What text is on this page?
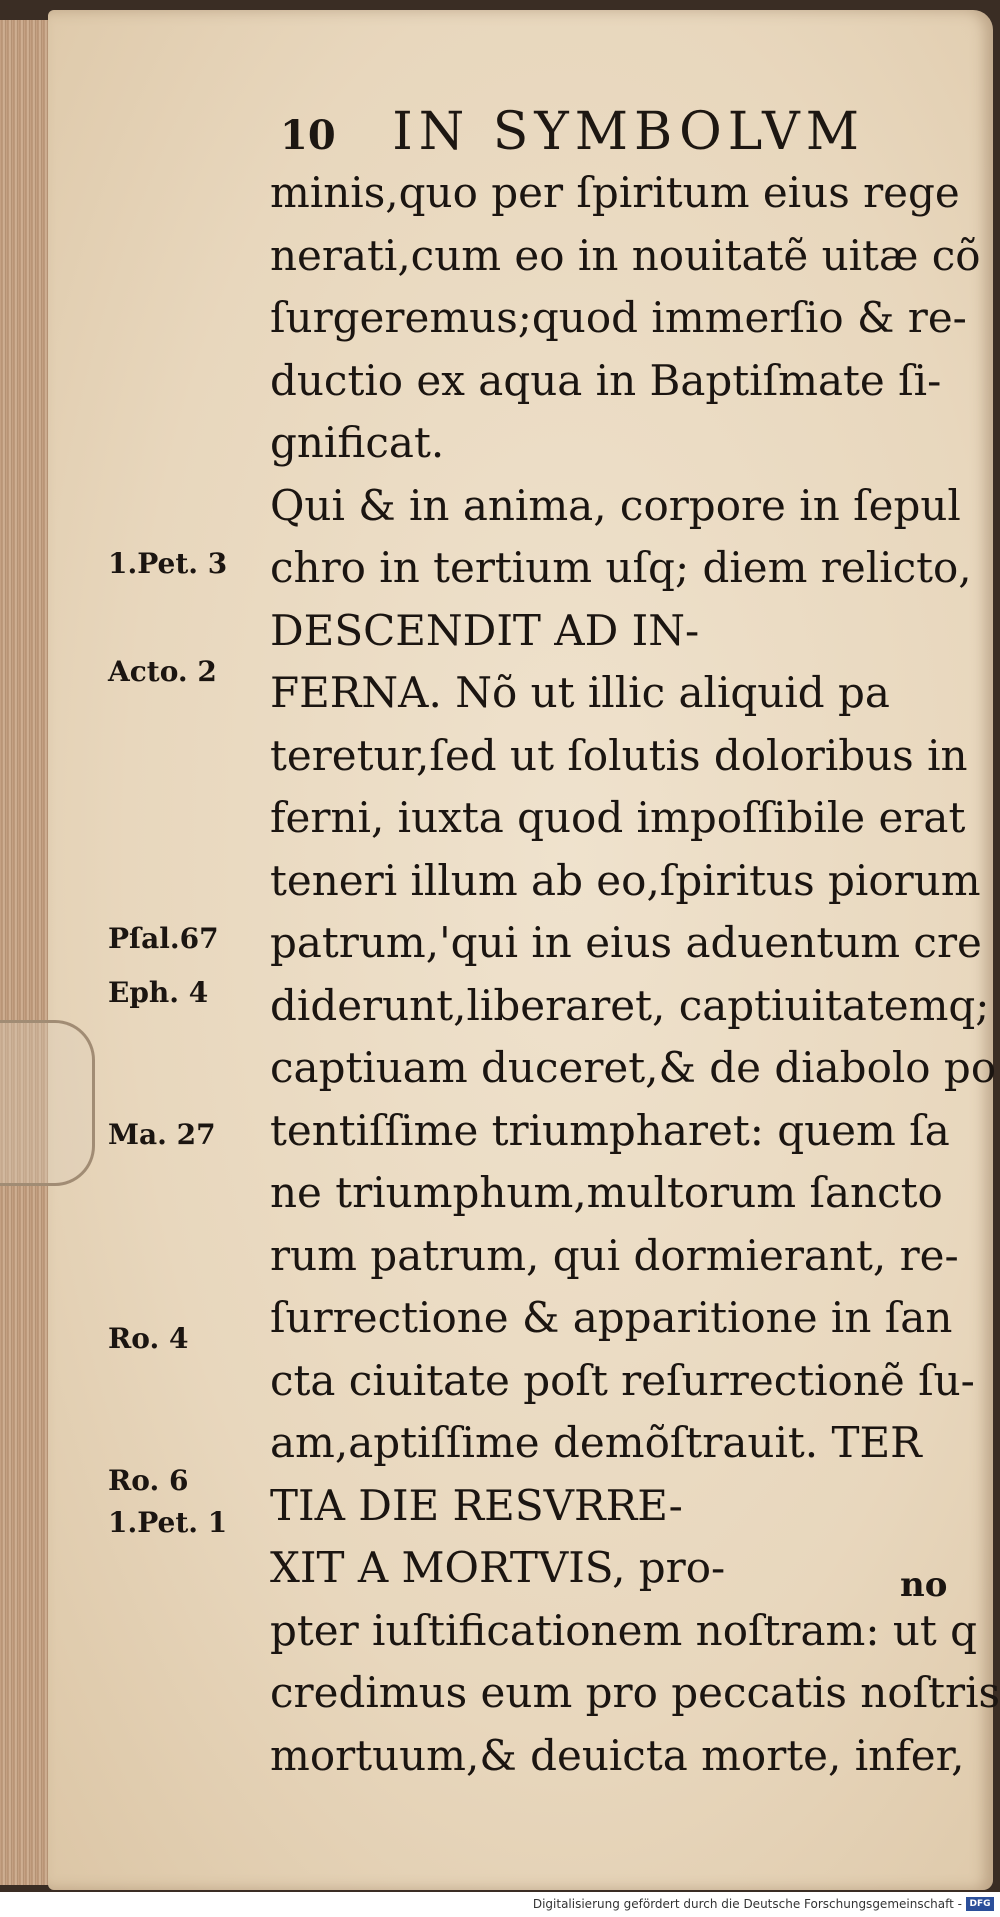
10 IN SYMBOLVM
minis,quo per ſpiritum eius rege
nerati,cum eo in nouitatẽ uitæ cõ
ſurgeremus;quod immerſio & re-
ductio ex aqua in Baptiſmate ſi-
gnificat.
Qui & in anima, corpore in ſepul
chro in tertium uſq; diem relicto,
DESCENDIT AD IN-
FERNA. Nõ ut illic aliquid pa
teretur,ſed ut ſolutis doloribus in
ferni, iuxta quod impoſſibile erat
teneri illum ab eo,ſpiritus piorum
patrum,'qui in eius aduentum cre
diderunt,liberaret, captiuitatemq;
captiuam duceret,& de diabolo po
tentiſſime triumpharet: quem ſa
ne triumphum,multorum ſancto
rum patrum, qui dormierant, re-
ſurrectione & apparitione in ſan
cta ciuitate poſt reſurrectionẽ ſu-
am,aptiſſime demõſtrauit. TER
TIA DIE RESVRRE-
XIT A MORTVIS, pro-
pter iuſtificationem noſtram: ut q
credimus eum pro peccatis noſtris
mortuum,& deuicta morte, infer,
1.Pet. 3
Acto. 2
Pſal.67
Eph. 4
Ma. 27
Ro. 4
Ro. 6
1.Pet. 1
no
Digitalisierung gefördert durch die Deutsche Forschungsgemeinschaft - DFG
